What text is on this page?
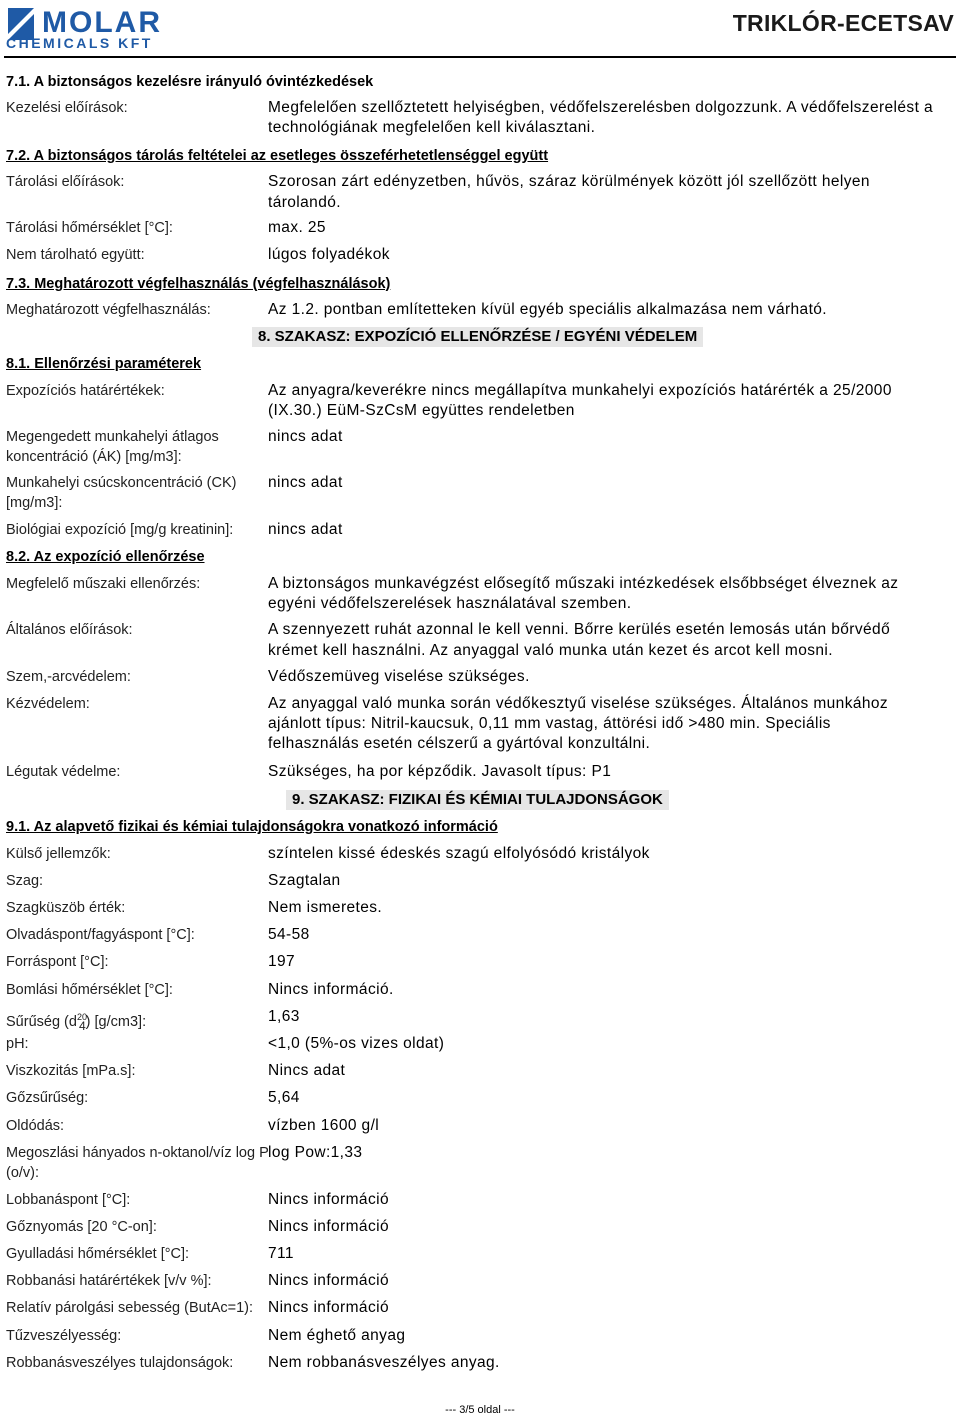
MOLAR
CHEMICALS KFT
TRIKLÓR-ECETSAV
7.1. A biztonságos kezelésre irányuló óvintézkedések
Kezelési előírások:	Megfelelően szellőztetett helyiségben, védőfelszerelésben dolgozzunk. A védőfelszerelést a
technológiának megfelelően kell kiválasztani.
7.2. A biztonságos tárolás feltételei az esetleges összeférhetetlenséggel együtt
Tárolási előírások:	Szorosan zárt edényzetben, hűvös, száraz körülmények között jól szellőzött helyen
tárolandó.
Tárolási hőmérséklet [°C]:	max. 25
Nem tárolható együtt:	lúgos folyadékok
7.3. Meghatározott végfelhasználás (végfelhasználások)
Meghatározott végfelhasználás:	Az 1.2. pontban említetteken kívül egyéb speciális alkalmazása nem várható.
8. SZAKASZ: EXPOZÍCIÓ ELLENŐRZÉSE / EGYÉNI VÉDELEM
8.1. Ellenőrzési paraméterek
Expozíciós határértékek:	Az anyagra/keverékre nincs megállapítva munkahelyi expozíciós határérték a 25/2000
(IX.30.) EüM-SzCsM együttes rendeletben
Megengedett munkahelyi átlagos
koncentráció (ÁK) [mg/m3]:
nincs adat
Munkahelyi csúcskoncentráció (CK)
[mg/m3]:
nincs adat
Biológiai expozíció [mg/g kreatinin]: nincs adat
8.2. Az expozíció ellenőrzése
Megfelelő műszaki ellenőrzés:	A biztonságos munkavégzést elősegítő műszaki intézkedések elsőbbséget élveznek az
egyéni védőfelszerelések használatával szemben.
Általános előírások:	A szennyezett ruhát azonnal le kell venni. Bőrre kerülés esetén lemosás után bőrvédő
krémet kell használni. Az anyaggal való munka után kezet és arcot kell mosni.
Szem,-arcvédelem:	Védőszemüveg viselése szükséges.
Kézvédelem:	Az anyaggal való munka során védőkesztyű viselése szükséges. Általános munkához
ajánlott típus: Nitril-kaucsuk, 0,11 mm vastag, áttörési idő >480 min. Speciális
felhasználás esetén célszerű a gyártóval konzultálni.
Légutak védelme:	Szükséges, ha por képződik. Javasolt típus: P1
9. SZAKASZ: FIZIKAI ÉS KÉMIAI TULAJDONSÁGOK
9.1. Az alapvető fizikai és kémiai tulajdonságokra vonatkozó információ
Külső jellemzők:	színtelen kissé édeskés szagú elfolyósódó kristályok
Szag:	Szagtalan
Szagküszöb érték:	Nem ismeretes.
Olvadáspont/fagyáspont [°C]:	54-58
Forráspont [°C]:	197
Bomlási hőmérséklet [°C]:	Nincs információ.
Sűrűség $(d^{20}_4)$ [g/cm3]:	1,63
pH:	<1,0 (5%-os vizes oldat)
Viszkozitás [mPa.s]:	Nincs adat
Gőzsűrűség:	5,64
Oldódás:	vízben 1600 g/l
Megoszlási hányados n-oktanol/víz log P
(o/v):
log Pow:1,33
Lobbanáspont [°C]:	Nincs információ
Gőznyomás [20 °C-on]:	Nincs információ
Gyulladási hőmérséklet [°C]:	711
Robbanási határértékek [v/v %]:	Nincs információ
Relatív párolgási sebesség (ButAc=1): Nincs információ
Tűzveszélyesség:	Nem éghető anyag
Robbanásveszélyes tulajdonságok: Nem robbanásveszélyes anyag.
--- 3/5 oldal ---
